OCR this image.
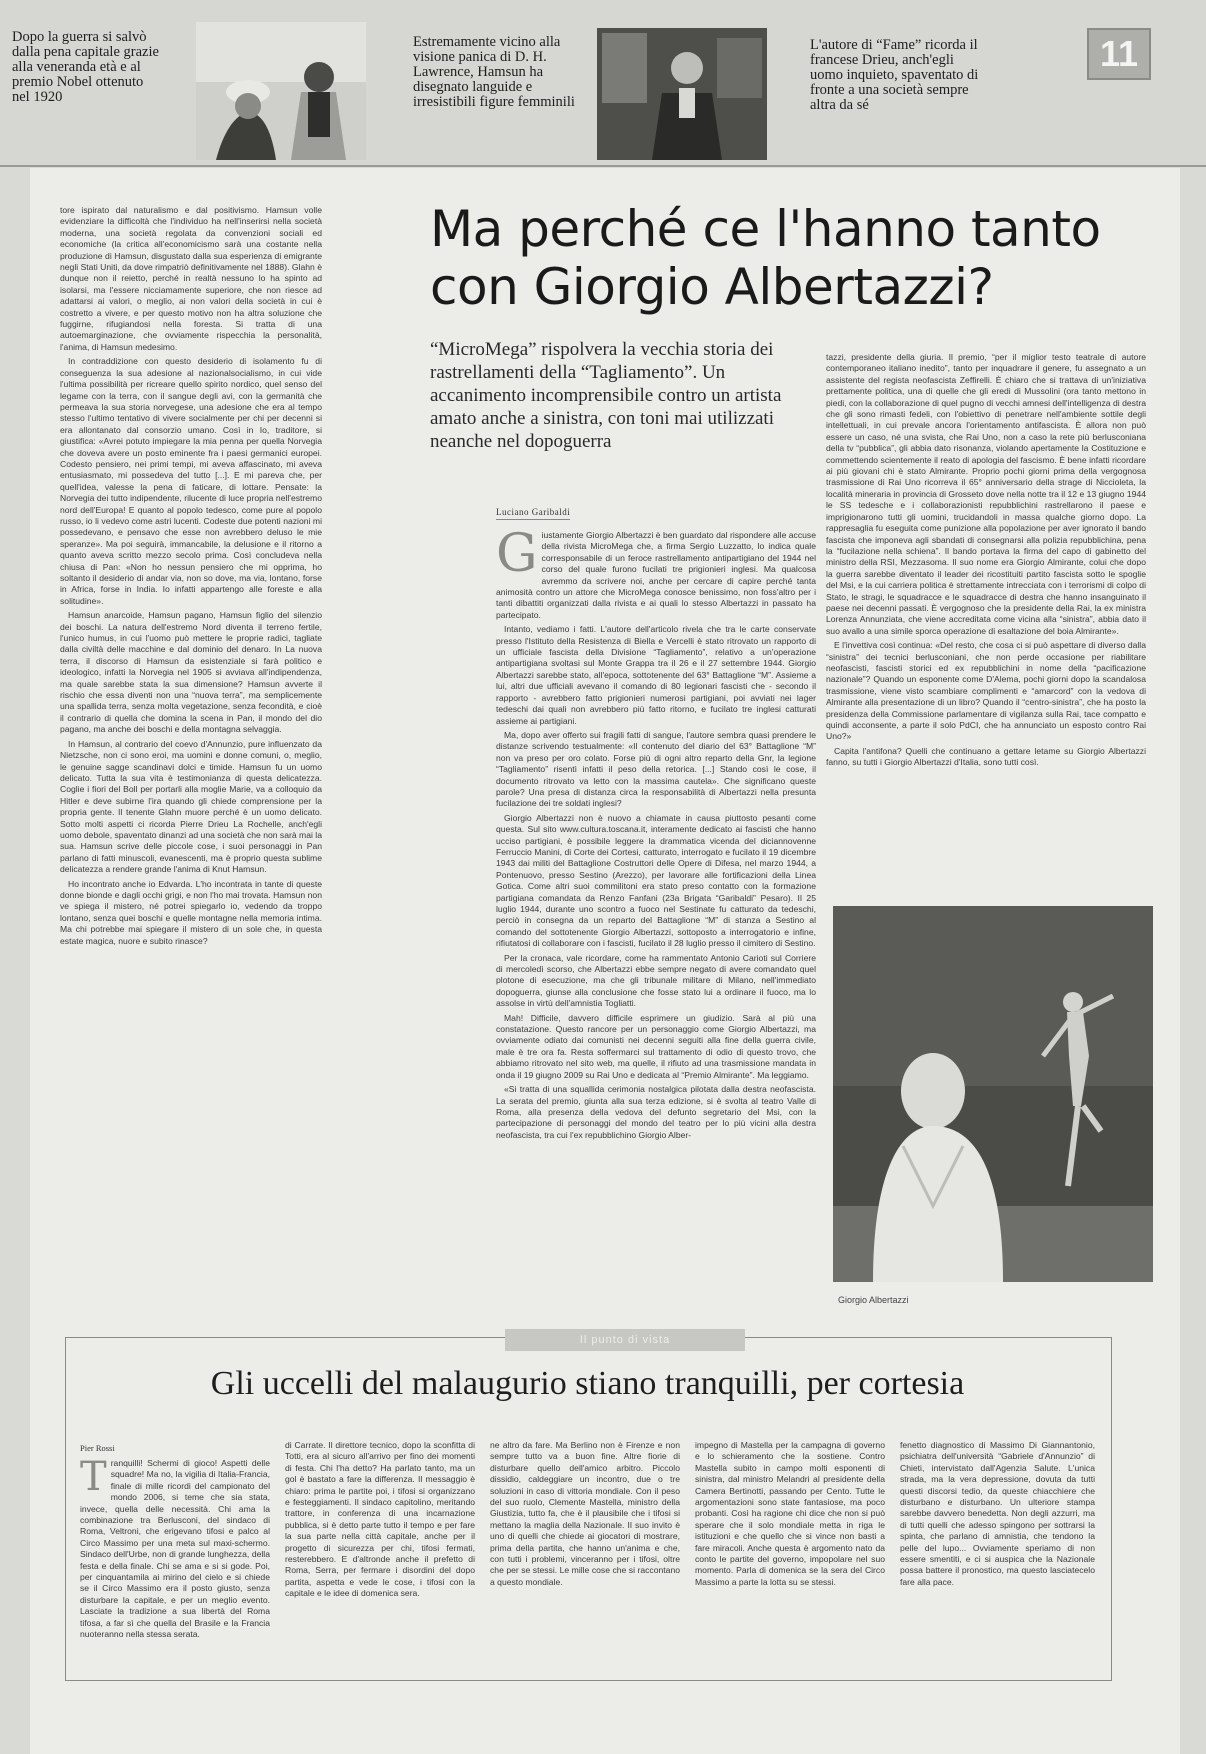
Dopo la guerra si salvò dalla pena capitale grazie alla veneranda età e al premio Nobel ottenuto nel 1920
Estremamente vicino alla visione panica di D. H. Lawrence, Hamsun ha disegnato languide e irresistibili figure femminili
L'autore di “Fame” ricorda il francese Drieu, anch'egli uomo inquieto, spaventato di fronte a una società sempre altra da sé
11

tore ispirato dal naturalismo e dal positivismo. Hamsun volle evidenziare la difficoltà che l'individuo ha nell'inserirsi nella società moderna, una società regolata da convenzioni sociali ed economiche (la critica all'economicismo sarà una costante nella produzione di Hamsun, disgustato dalla sua esperienza di emigrante negli Stati Uniti, da dove rimpatriò definitivamente nel 1888). Glahn è dunque non il reietto, perché in realtà nessuno lo ha spinto ad isolarsi, ma l'essere nicciamamente superiore, che non riesce ad adattarsi ai valori, o meglio, ai non valori della società in cui è costretto a vivere, e per questo motivo non ha altra soluzione che fuggirne, rifugiandosi nella foresta. Si tratta di una autoemarginazione, che ovviamente rispecchia la personalità, l'anima, di Hamsun medesimo.

In contraddizione con questo desiderio di isolamento fu di conseguenza la sua adesione al nazionalsocialismo, in cui vide l'ultima possibilità per ricreare quello spirito nordico, quel senso del legame con la terra, con il sangue degli avi, con la germanità che permeava la sua storia norvegese, una adesione che era al tempo stesso l'ultimo tentativo di vivere socialmente per chi per decenni si era allontanato dal consorzio umano. Così in Io, traditore, si giustifica: «Avrei potuto impiegare la mia penna per quella Norvegia che doveva avere un posto eminente fra i paesi germanici europei. Codesto pensiero, nei primi tempi, mi aveva affascinato, mi aveva entusiasmato, mi possedeva del tutto [...]. E mi pareva che, per quell'idea, valesse la pena di faticare, di lottare. Pensate: la Norvegia dei tutto indipendente, rilucente di luce propria nell'estremo nord dell'Europa! E quanto al popolo tedesco, come pure al popolo russo, io li vedevo come astri lucenti. Codeste due potenti nazioni mi possedevano, e pensavo che esse non avrebbero deluso le mie speranze». Ma poi seguirà, immancabile, la delusione e il ritorno a quanto aveva scritto mezzo secolo prima. Così concludeva nella chiusa di Pan: «Non ho nessun pensiero che mi opprima, ho soltanto il desiderio di andar via, non so dove, ma via, lontano, forse in Africa, forse in India. Io infatti appartengo alle foreste e alla solitudine».

Hamsun anarcoide, Hamsun pagano, Hamsun figlio del silenzio dei boschi. La natura dell'estremo Nord diventa il terreno fertile, l'unico humus, in cui l'uomo può mettere le proprie radici, tagliate dalla civiltà delle macchine e dal dominio del denaro. In La nuova terra, il discorso di Hamsun da esistenziale si farà politico e ideologico, infatti la Norvegia nel 1905 si avviava all'indipendenza, ma quale sarebbe stata la sua dimensione? Hamsun avverte il rischio che essa diventi non una “nuova terra”, ma semplicemente una spallida terra, senza molta vegetazione, senza fecondità, e cioè il contrario di quella che domina la scena in Pan, il mondo del dio pagano, ma anche dei boschi e della montagna selvaggia.

In Hamsun, al contrario del coevo d'Annunzio, pure influenzato da Nietzsche, non ci sono eroi, ma uomini e donne comuni, o, meglio, le genuine sagge scandinavi dolci e timide. Hamsun fu un uomo delicato. Tutta la sua vita è testimonianza di questa delicatezza. Coglie i fiori del Boll per portarli alla moglie Marie, va a colloquio da Hitler e deve subirne l'ira quando gli chiede comprensione per la propria gente. Il tenente Glahn muore perché è un uomo delicato. Sotto molti aspetti ci ricorda Pierre Drieu La Rochelle, anch'egli uomo debole, spaventato dinanzi ad una società che non sarà mai la sua. Hamsun scrive delle piccole cose, i suoi personaggi in Pan parlano di fatti minuscoli, evanescenti, ma è proprio questa sublime delicatezza a rendere grande l'anima di Knut Hamsun.

Ho incontrato anche io Edvarda. L'ho incontrata in tante di queste donne bionde e dagli occhi grigi, e non l'ho mai trovata. Hamsun non ve spiega il mistero, né potrei spiegarlo io, vedendo da troppo lontano, senza quei boschi e quelle montagne nella memoria intima. Ma chi potrebbe mai spiegare il mistero di un sole che, in questa estate magica, nuore e subito rinasce?

Ma perché ce l'hanno tanto con Giorgio Albertazzi?
“MicroMega” rispolvera la vecchia storia dei rastrellamenti della “Tagliamento”. Un accanimento incomprensibile contro un artista amato anche a sinistra, con toni mai utilizzati neanche nel dopoguerra
Luciano Garibaldi

Giustamente Giorgio Albertazzi è ben guardato dal rispondere alle accuse della rivista MicroMega che, a firma Sergio Luzzatto, lo indica quale corresponsabile di un feroce rastrellamento antipartigiano del 1944 nel corso del quale furono fucilati tre prigionieri inglesi. Ma qualcosa avremmo da scrivere noi, anche per cercare di capire perché tanta animosità contro un attore che MicroMega conosce benissimo, non foss'altro per i tanti dibattiti organizzati dalla rivista e ai quali lo stesso Albertazzi in passato ha partecipato.

Intanto, vediamo i fatti. L'autore dell'articolo rivela che tra le carte conservate presso l'Istituto della Resistenza di Biella e Vercelli è stato ritrovato un rapporto di un ufficiale fascista della Divisione “Tagliamento”, relativo a un'operazione antipartigiana svoltasi sul Monte Grappa tra il 26 e il 27 settembre 1944. Giorgio Albertazzi sarebbe stato, all'epoca, sottotenente del 63° Battaglione “M”. Assieme a lui, altri due ufficiali avevano il comando di 80 legionari fascisti che - secondo il rapporto - avrebbero fatto prigionieri numerosi partigiani, poi avviati nei lager tedeschi dai quali non avrebbero più fatto ritorno, e fucilato tre inglesi catturati assieme ai partigiani.

Ma, dopo aver offerto sui fragili fatti di sangue, l'autore sembra quasi prendere le distanze scrivendo testualmente: «Il contenuto del diario del 63° Battaglione “M” non va preso per oro colato. Forse più di ogni altro reparto della Gnr, la legione “Tagliamento” risentì infatti il peso della retorica. [...] Stando così le cose, il documento ritrovato va letto con la massima cautela». Che significano queste parole? Una presa di distanza circa la responsabilità di Albertazzi nella presunta fucilazione dei tre soldati inglesi?

Giorgio Albertazzi non è nuovo a chiamate in causa piuttosto pesanti come questa. Sul sito www.cultura.toscana.it, interamente dedicato ai fascisti che hanno ucciso partigiani, è possibile leggere la drammatica vicenda del diciannovenne Ferruccio Manini, di Corte dei Cortesi, catturato, interrogato e fucilato il 19 dicembre 1943 dai militi del Battaglione Costruttori delle Opere di Difesa, nel marzo 1944, a Pontenuovo, presso Sestino (Arezzo), per lavorare alle fortificazioni della Linea Gotica. Come altri suoi commilitoni era stato preso contatto con la formazione partigiana comandata da Renzo Fanfani (23a Brigata “Garibaldi” Pesaro). Il 25 luglio 1944, durante uno scontro a fuoco nel Sestinate fu catturato da tedeschi, perciò in consegna da un reparto del Battaglione “M” di stanza a Sestino al comando del sottotenente Giorgio Albertazzi, sottoposto a interrogatorio e infine, rifiutatosi di collaborare con i fascisti, fucilato il 28 luglio presso il cimitero di Sestino.

Per la cronaca, vale ricordare, come ha rammentato Antonio Carioti sul Corriere di mercoledì scorso, che Albertazzi ebbe sempre negato di avere comandato quel plotone di esecuzione, ma che gli tribunale militare di Milano, nell'immediato dopoguerra, giunse alla conclusione che fosse stato lui a ordinare il fuoco, ma lo assolse in virtù dell'amnistia Togliatti.

Mah! Difficile, davvero difficile esprimere un giudizio. Sarà al più una constatazione. Questo rancore per un personaggio come Giorgio Albertazzi, ma ovviamente odiato dai comunisti nei decenni seguiti alla fine della guerra civile, male è tre ora fa. Resta soffermarci sul trattamento di odio di questo trovo, che abbiamo ritrovato nel sito web, ma quelle, il rifiuto ad una trasmissione mandata in onda il 19 giugno 2009 su Rai Uno e dedicata al “Premio Almirante”. Ma leggiamo.

«Si tratta di una squallida cerimonia nostalgica pilotata dalla destra neofascista. La serata del premio, giunta alla sua terza edizione, si è svolta al teatro Valle di Roma, alla presenza della vedova del defunto segretario del Msi, con la partecipazione di personaggi del mondo del teatro per lo più vicini alla destra neofascista, tra cui l'ex repubblichino Giorgio Alber-

tazzi, presidente della giuria. Il premio, “per il miglior testo teatrale di autore contemporaneo italiano inedito”, tanto per inquadrare il genere, fu assegnato a un assistente del regista neofascista Zeffirelli. È chiaro che si trattava di un'iniziativa prettamente politica, una di quelle che gli eredi di Mussolini (ora tanto mettono in piedi, con la collaborazione di quel pugno di vecchi amnesi dell'intelligenza di destra che gli sono rimasti fedeli, con l'obiettivo di penetrare nell'ambiente sottile degli intellettuali, in cui prevale ancora l'orientamento antifascista. È allora non può essere un caso, né una svista, che Rai Uno, non a caso la rete più berlusconiana della tv “pubblica”, gli abbia dato risonanza, violando apertamente la Costituzione e commettendo scientemente il reato di apologia del fascismo. È bene infatti ricordare ai più giovani chi è stato Almirante. Proprio pochi giorni prima della vergognosa trasmissione di Rai Uno ricorreva il 65° anniversario della strage di Niccioleta, la località mineraria in provincia di Grosseto dove nella notte tra il 12 e 13 giugno 1944 le SS tedesche e i collaborazionisti repubblichini rastrellarono il paese e imprigionarono tutti gli uomini, trucidandoli in massa qualche giorno dopo. La rappresaglia fu eseguita come punizione alla popolazione per aver ignorato il bando fascista che imponeva agli sbandati di consegnarsi alla polizia repubblichina, pena la “fucilazione nella schiena”. Il bando portava la firma del capo di gabinetto del ministro della RSI, Mezzasoma. Il suo nome era Giorgio Almirante, colui che dopo la guerra sarebbe diventato il leader dei ricostituiti partito fascista sotto le spoglie del Msi, e la cui carriera politica è strettamente intrecciata con i terrorismi di colpo di Stato, le stragi, le squadracce e le squadracce di destra che hanno insanguinato il paese nei decenni passati. È vergognoso che la presidente della Rai, la ex ministra Lorenza Annunziata, che viene accreditata come vicina alla “sinistra”, abbia dato il suo avallo a una simile sporca operazione di esaltazione del boia Almirante».

E l'invettiva così continua: «Del resto, che cosa ci si può aspettare di diverso dalla “sinistra” dei tecnici berlusconiani, che non perde occasione per riabilitare neofascisti, fascisti storici ed ex repubblichini in nome della “pacificazione nazionale”? Quando un esponente come D'Alema, pochi giorni dopo la scandalosa trasmissione, viene visto scambiare complimenti e “amarcord” con la vedova di Almirante alla presentazione di un libro? Quando il “centro-sinistra”, che ha posto la presidenza della Commissione parlamentare di vigilanza sulla Rai, tace compatto e quindi acconsente, a parte il solo PdCI, che ha annunciato un esposto contro Rai Uno?»

Capita l'antifona? Quelli che continuano a gettare letame su Giorgio Albertazzi fanno, su tutti i Giorgio Albertazzi d'Italia, sono tutti così.

Giorgio Albertazzi
Il punto di vista
Gli uccelli del malaugurio stiano tranquilli, per cortesia
Pier Rossi

Tranquilli! Schermi di gioco! Aspetti delle squadre! Ma no, la vigilia di Italia-Francia, finale di mille ricordi del campionato del mondo 2006, si teme che sia stata, invece, quella delle necessità. Chi ama la combinazione tra Berlusconi, del sindaco di Roma, Veltroni, che erigevano tifosi e palco al Circo Massimo per una meta sul maxi-schermo. Sindaco dell'Urbe, non di grande lunghezza, della festa e della finale. Chi se ama e si si gode. Poi, per cinquantamila ai mirino del cielo e si chiede se il Circo Massimo era il posto giusto, senza disturbare la capitale, e per un meglio evento. Lasciate la tradizione a sua libertà del Roma tifosa, a far sì che quella del Brasile e la Francia nuoteranno nella stessa serata.

di Carrate. Il direttore tecnico, dopo la sconfitta di Totti, era al sicuro all'arrivo per fino dei momenti di festa. Chi l'ha detto? Ha parlato tanto, ma un gol è bastato a fare la differenza. Il messaggio è chiaro: prima le partite poi, i tifosi si organizzano e festeggiamenti. Il sindaco capitolino, meritando trattore, in conferenza di una incarnazione pubblica, si è detto parte tutto il tempo e per fare la sua parte nella città capitale, anche per il progetto di sicurezza per chi, tifosi fermati, resterebbero. E d'altronde anche il prefetto di Roma, Serra, per fermare i disordini del dopo partita, aspetta e vede le cose, i tifosi con la capitale e le idee di domenica sera.

ne altro da fare. Ma Berlino non è Firenze e non sempre tutto va a buon fine. Altre fiorie di disturbare quello dell'amico arbitro. Piccolo dissidio, caldeggiare un incontro, due o tre soluzioni in caso di vittoria mondiale. Con il peso del suo ruolo, Clemente Mastella, ministro della Giustizia, tutto fa, che è il plausibile che i tifosi si mettano la maglia della Nazionale. Il suo invito è uno di quelli che chiede ai giocatori di mostrare, prima della partita, che hanno un'anima e che, con tutti i problemi, vinceranno per i tifosi, oltre che per se stessi. Le mille cose che si raccontano a questo mondiale.

impegno di Mastella per la campagna di governo e lo schieramento che la sostiene. Contro Mastella subito in campo molti esponenti di sinistra, dal ministro Melandri al presidente della Camera Bertinotti, passando per Cento. Tutte le argomentazioni sono state fantasiose, ma poco probanti. Così ha ragione chi dice che non si può sperare che il solo mondiale metta in riga le istituzioni e che quello che si vince non basti a fare miracoli. Anche questa è argomento nato da conto le partite del governo, impopolare nel suo momento. Parla di domenica se la sera del Circo Massimo a parte la lotta su se stessi.

fenetto diagnostico di Massimo Di Giannantonio, psichiatra dell'università “Gabriele d'Annunzio” di Chieti, intervistato dall'Agenzia Salute. L'unica strada, ma la vera depressione, dovuta da tutti questi discorsi tedio, da queste chiacchiere che disturbano e disturbano. Un ulteriore stampa sarebbe davvero benedetta. Non degli azzurri, ma di tutti quelli che adesso spingono per sottrarsi la spinta, che parlano di amnistia, che tendono la pelle del lupo... Ovviamente speriamo di non essere smentiti, e ci si auspica che la Nazionale possa battere il pronostico, ma questo lasciatecelo fare alla pace.
